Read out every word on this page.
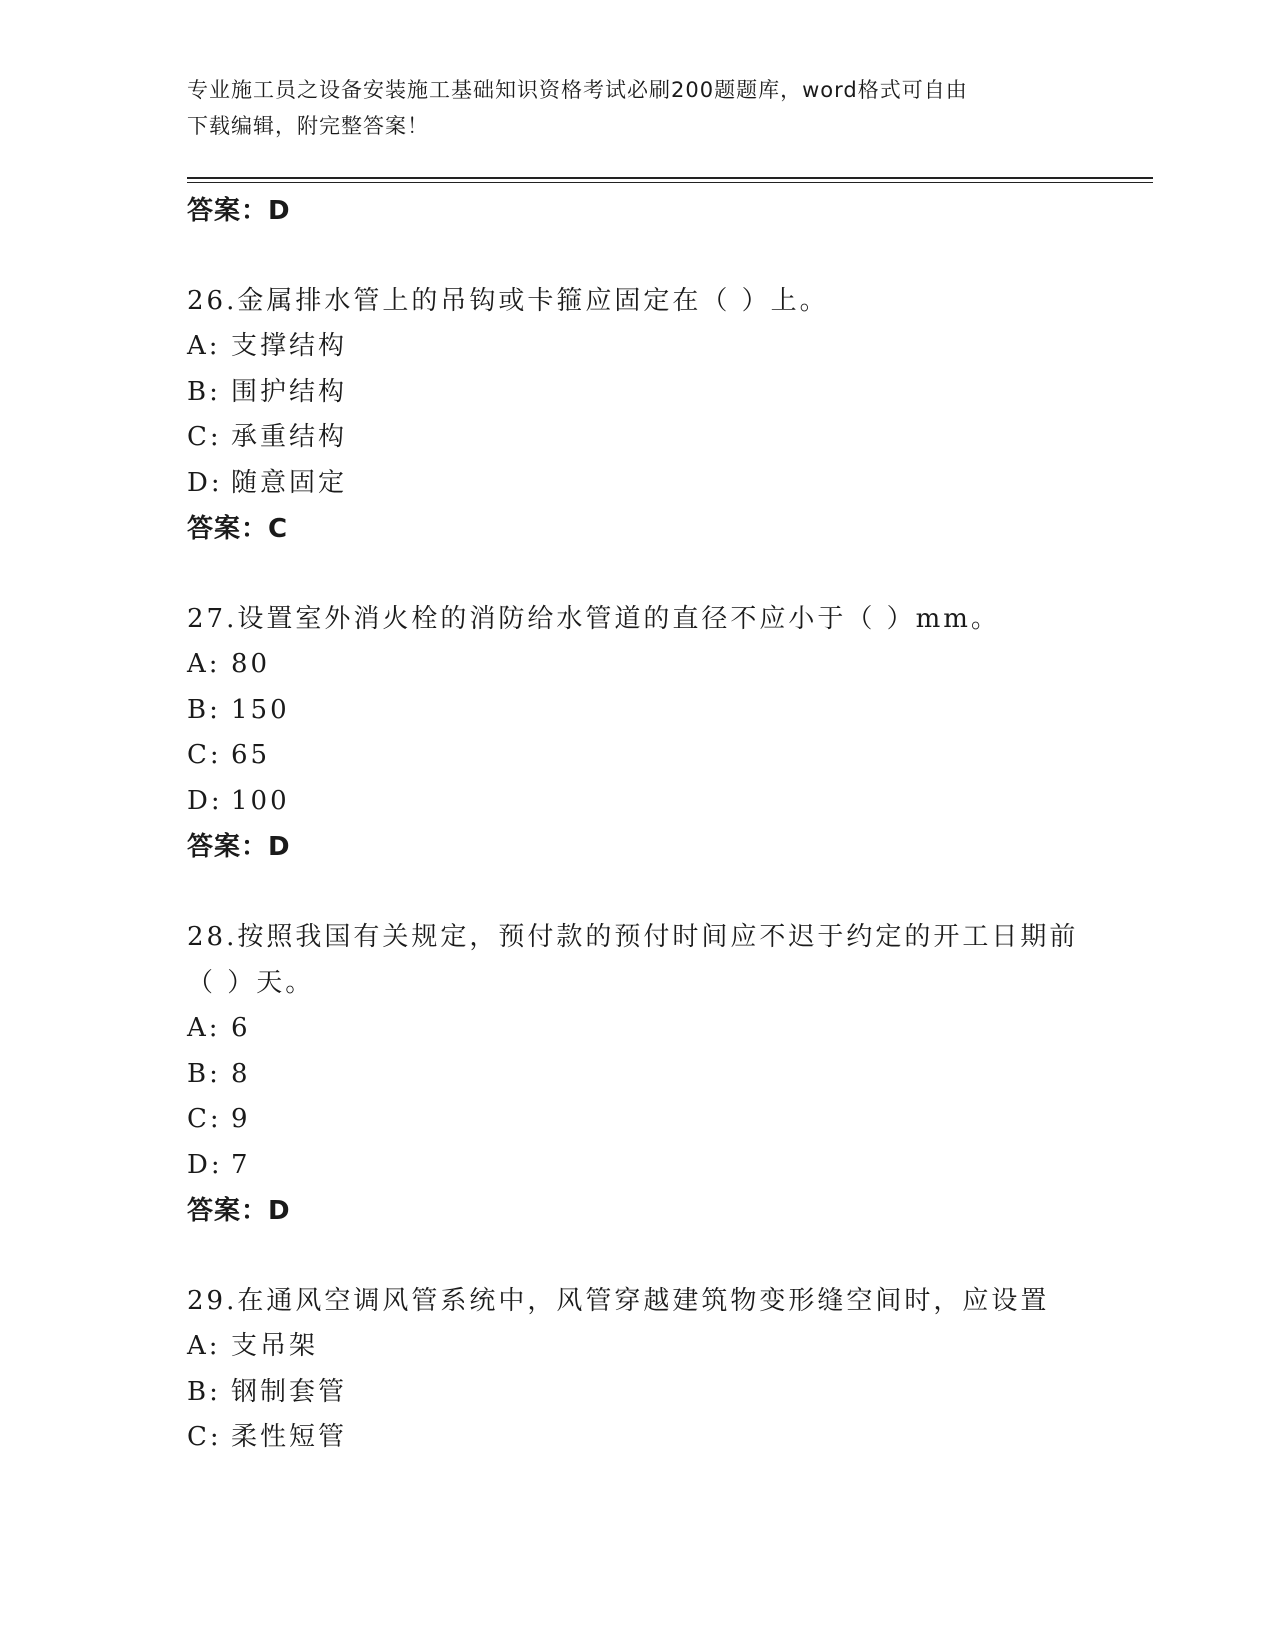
专业施工员之设备安装施工基础知识资格考试必刷200题题库，word格式可自由
下载编辑，附完整答案！
答案：D
26.金属排水管上的吊钩或卡箍应固定在（ ）上。
A: 支撑结构
B: 围护结构
C: 承重结构
D: 随意固定
答案：C
27.设置室外消火栓的消防给水管道的直径不应小于（ ）mm。
A: 80
B: 150
C: 65
D: 100
答案：D
28.按照我国有关规定，预付款的预付时间应不迟于约定的开工日期前
（ ）天。
A: 6
B: 8
C: 9
D: 7
答案：D
29.在通风空调风管系统中，风管穿越建筑物变形缝空间时，应设置
A: 支吊架
B: 钢制套管
C: 柔性短管
